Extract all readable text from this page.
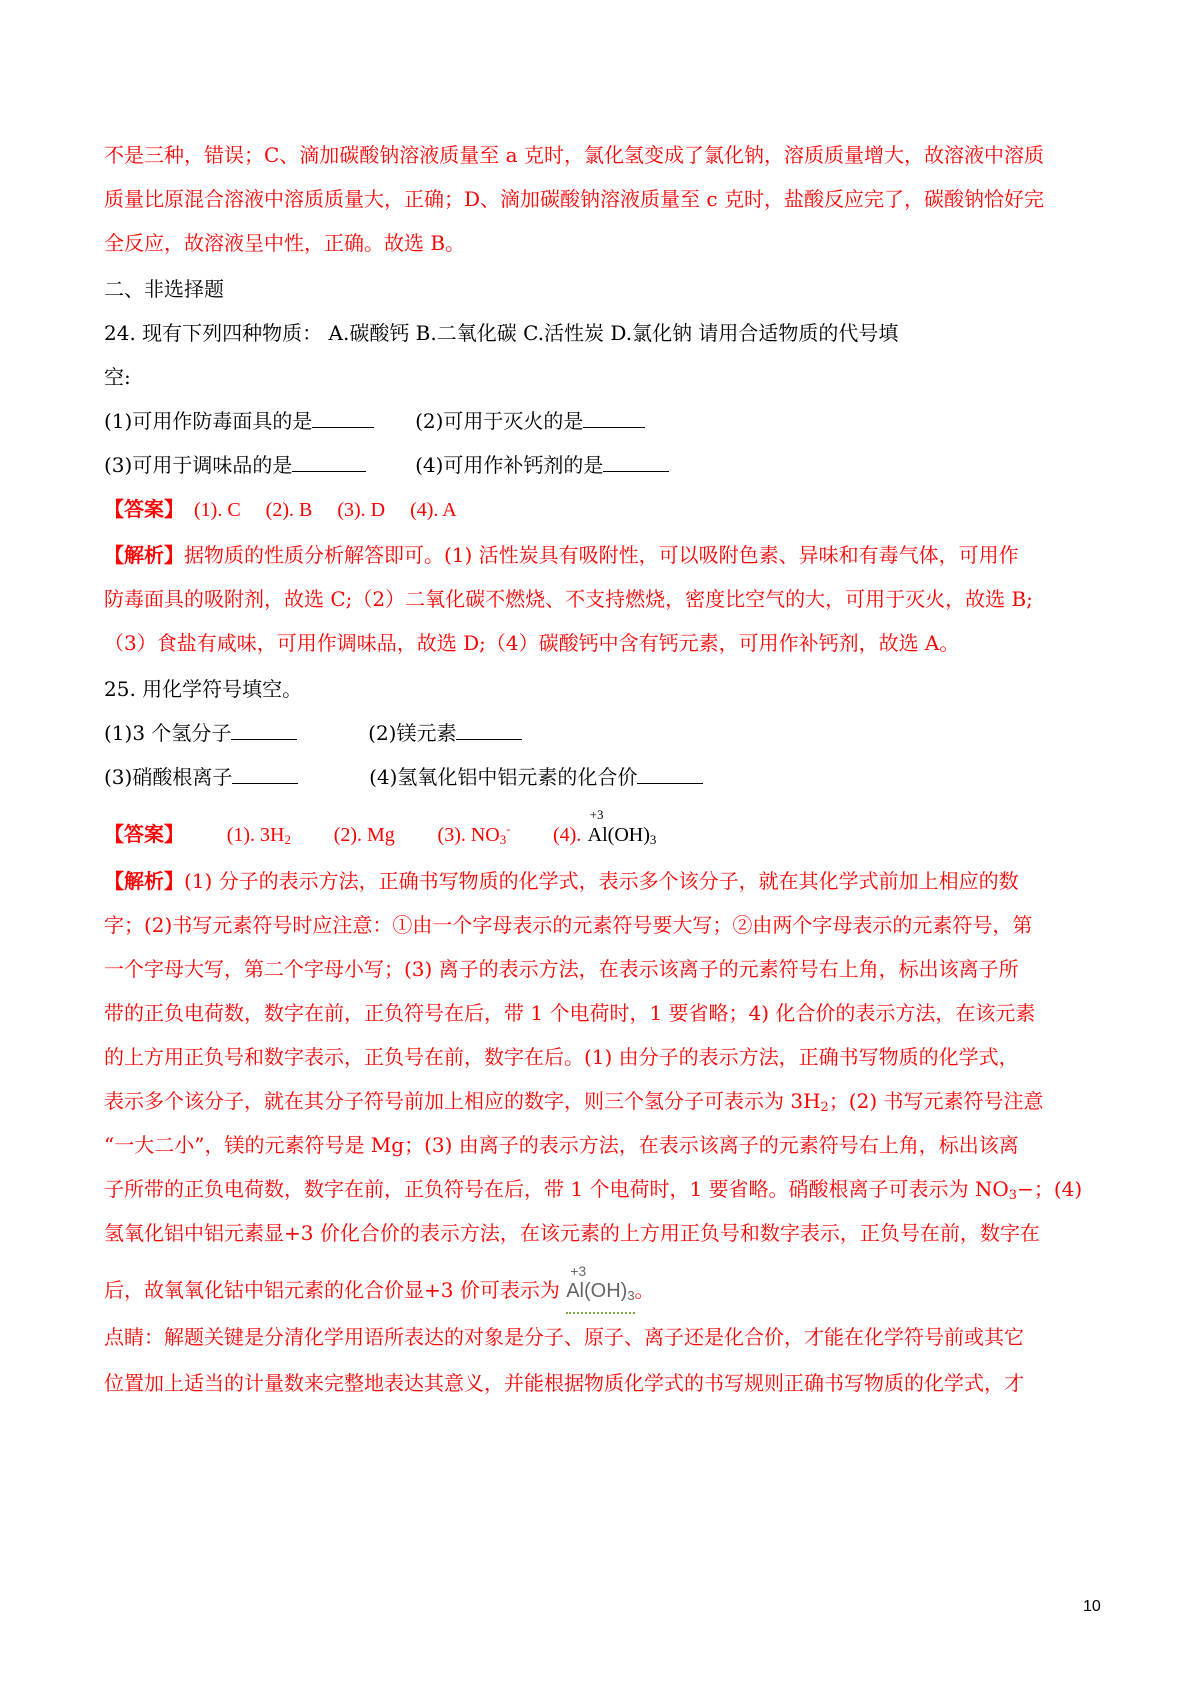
不是三种，错误；C、滴加碳酸钠溶液质量至 a 克时，氯化氢变成了氯化钠，溶质质量增大，故溶液中溶质
质量比原混合溶液中溶质质量大，正确；D、滴加碳酸钠溶液质量至 c 克时，盐酸反应完了，碳酸钠恰好完
全反应，故溶液呈中性，正确。故选 B。
二、非选择题
24. 现有下列四种物质： A.碳酸钙 B.二氧化碳 C.活性炭 D.氯化钠 请用合适物质的代号填
空:
(1)可用作防毒面具的是	(2)可用于灭火的是
(3)可用于调味品的是	(4)可用作补钙剂的是
【答案】  (1). C     (2). B     (3). D     (4). A
【解析】据物质的性质分析解答即可。(1) 活性炭具有吸附性，可以吸附色素、异味和有毒气体，可用作
防毒面具的吸附剂，故选 C;（2）二氧化碳不燃烧、不支持燃烧，密度比空气的大，可用于灭火，故选 B;
（3）食盐有咸味，可用作调味品，故选 D;（4）碳酸钙中含有钙元素，可用作补钙剂，故选 A。
25. 用化学符号填空。
(1)3 个氢分子	(2)镁元素
(3)硝酸根离子	(4)氢氧化铝中铝元素的化合价
【答案】 (1). $3H_2$ (2). Mg (3). $NO_3^-$ (4).
+3
$Al(OH)_3$
【解析】(1) 分子的表示方法，正确书写物质的化学式，表示多个该分子，就在其化学式前加上相应的数
字；(2)书写元素符号时应注意：①由一个字母表示的元素符号要大写；②由两个字母表示的元素符号，第
一个字母大写，第二个字母小写；(3) 离子的表示方法，在表示该离子的元素符号右上角，标出该离子所
带的正负电荷数，数字在前，正负符号在后，带 1 个电荷时，1 要省略；4) 化合价的表示方法，在该元素
的上方用正负号和数字表示，正负号在前，数字在后。(1) 由分子的表示方法，正确书写物质的化学式，
表示多个该分子，就在其分子符号前加上相应的数字，则三个氢分子可表示为 $3H_2$；(2) 书写元素符号注意
“一大二小”，镁的元素符号是 Mg；(3) 由离子的表示方法，在表示该离子的元素符号右上角，标出该离
子所带的正负电荷数，数字在前，正负符号在后，带 1 个电荷时，1 要省略。硝酸根离子可表示为 $NO_3-$；(4)
氢氧化铝中铝元素显+3 价化合价的表示方法，在该元素的上方用正负号和数字表示，正负号在前，数字在
后，故氧氧化钴中铝元素的化合价显+3 价可表示为
+3
$Al(OH)_3$
。
点睛：解题关键是分清化学用语所表达的对象是分子、原子、离子还是化合价，才能在化学符号前或其它
位置加上适当的计量数来完整地表达其意义，并能根据物质化学式的书写规则正确书写物质的化学式，才
10
